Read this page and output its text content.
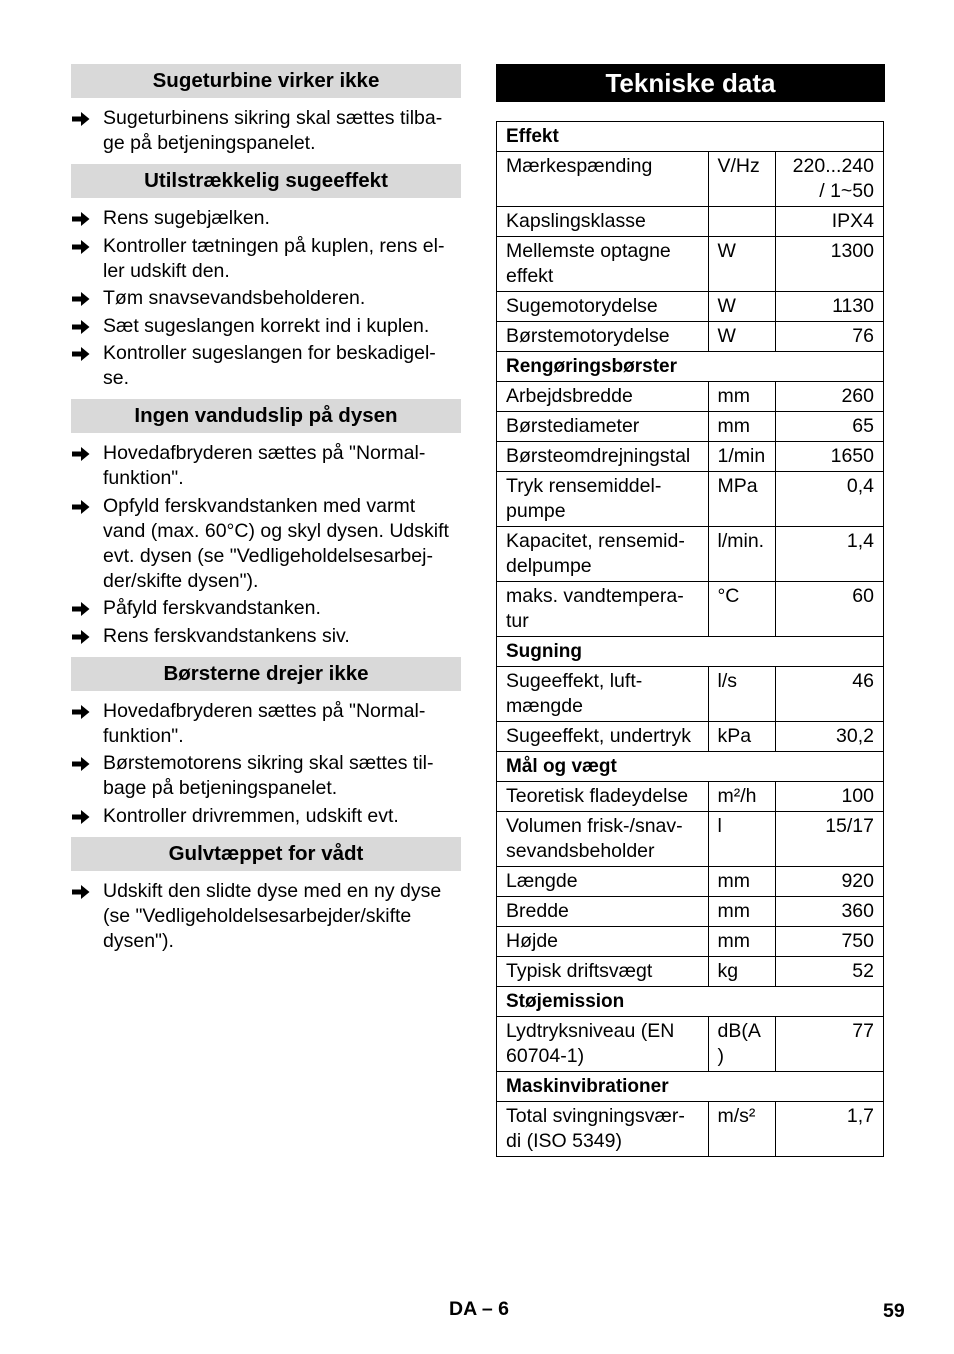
Sugeturbine virker ikke
Sugeturbinens sikring skal sættes tilba-
ge på betjeningspanelet.
Utilstrækkelig sugeeffekt
Rens sugebjælken.
Kontroller tætningen på kuplen, rens el-
ler udskift den.
Tøm snavsevandsbeholderen.
Sæt sugeslangen korrekt ind i kuplen.
Kontroller sugeslangen for beskadigel-
se.
Ingen vandudslip på dysen
Hovedafbryderen sættes på "Normal-
funktion".
Opfyld ferskvandstanken med varmt
vand (max. 60°C) og skyl dysen. Udskift
evt. dysen (se "Vedligeholdelsesarbej-
der/skifte dysen").
Påfyld ferskvandstanken.
Rens ferskvandstankens siv.
Børsterne drejer ikke
Hovedafbryderen sættes på "Normal-
funktion".
Børstemotorens sikring skal sættes til-
bage på betjeningspanelet.
Kontroller drivremmen, udskift evt.
Gulvtæppet for vådt
Udskift den slidte dyse med en ny dyse
(se "Vedligeholdelsesarbejder/skifte
dysen").
Tekniske data
Effekt		
Mærkespænding	V/Hz	220...240
/ 1~50
Kapslingsklasse		IPX4
Mellemste optagne
effekt	W	1300
Sugemotorydelse	W	1130
Børstemotorydelse	W	76
Rengøringsbørster		
Arbejdsbredde	mm	260
Børstediameter	mm	65
Børsteomdrejningstal	1/min	1650
Tryk rensemiddel-
pumpe	MPa	0,4
Kapacitet, rensemid-
delpumpe	l/min.	1,4
maks. vandtempera-
tur	°C	60
Sugning		
Sugeeffekt, luft-
mængde	l/s	46
Sugeeffekt, undertryk	kPa	30,2
Mål og vægt		
Teoretisk fladeydelse	m²/h	100
Volumen frisk-/snav-
sevandsbeholder	l	15/17
Længde	mm	920
Bredde	mm	360
Højde	mm	750
Typisk driftsvægt	kg	52
Støjemission		
Lydtryksniveau (EN
60704-1)	dB(A
)	77
Maskinvibrationer		
Total svingningsvær-
di (ISO 5349)	m/s²	1,7
DA – 6	59
